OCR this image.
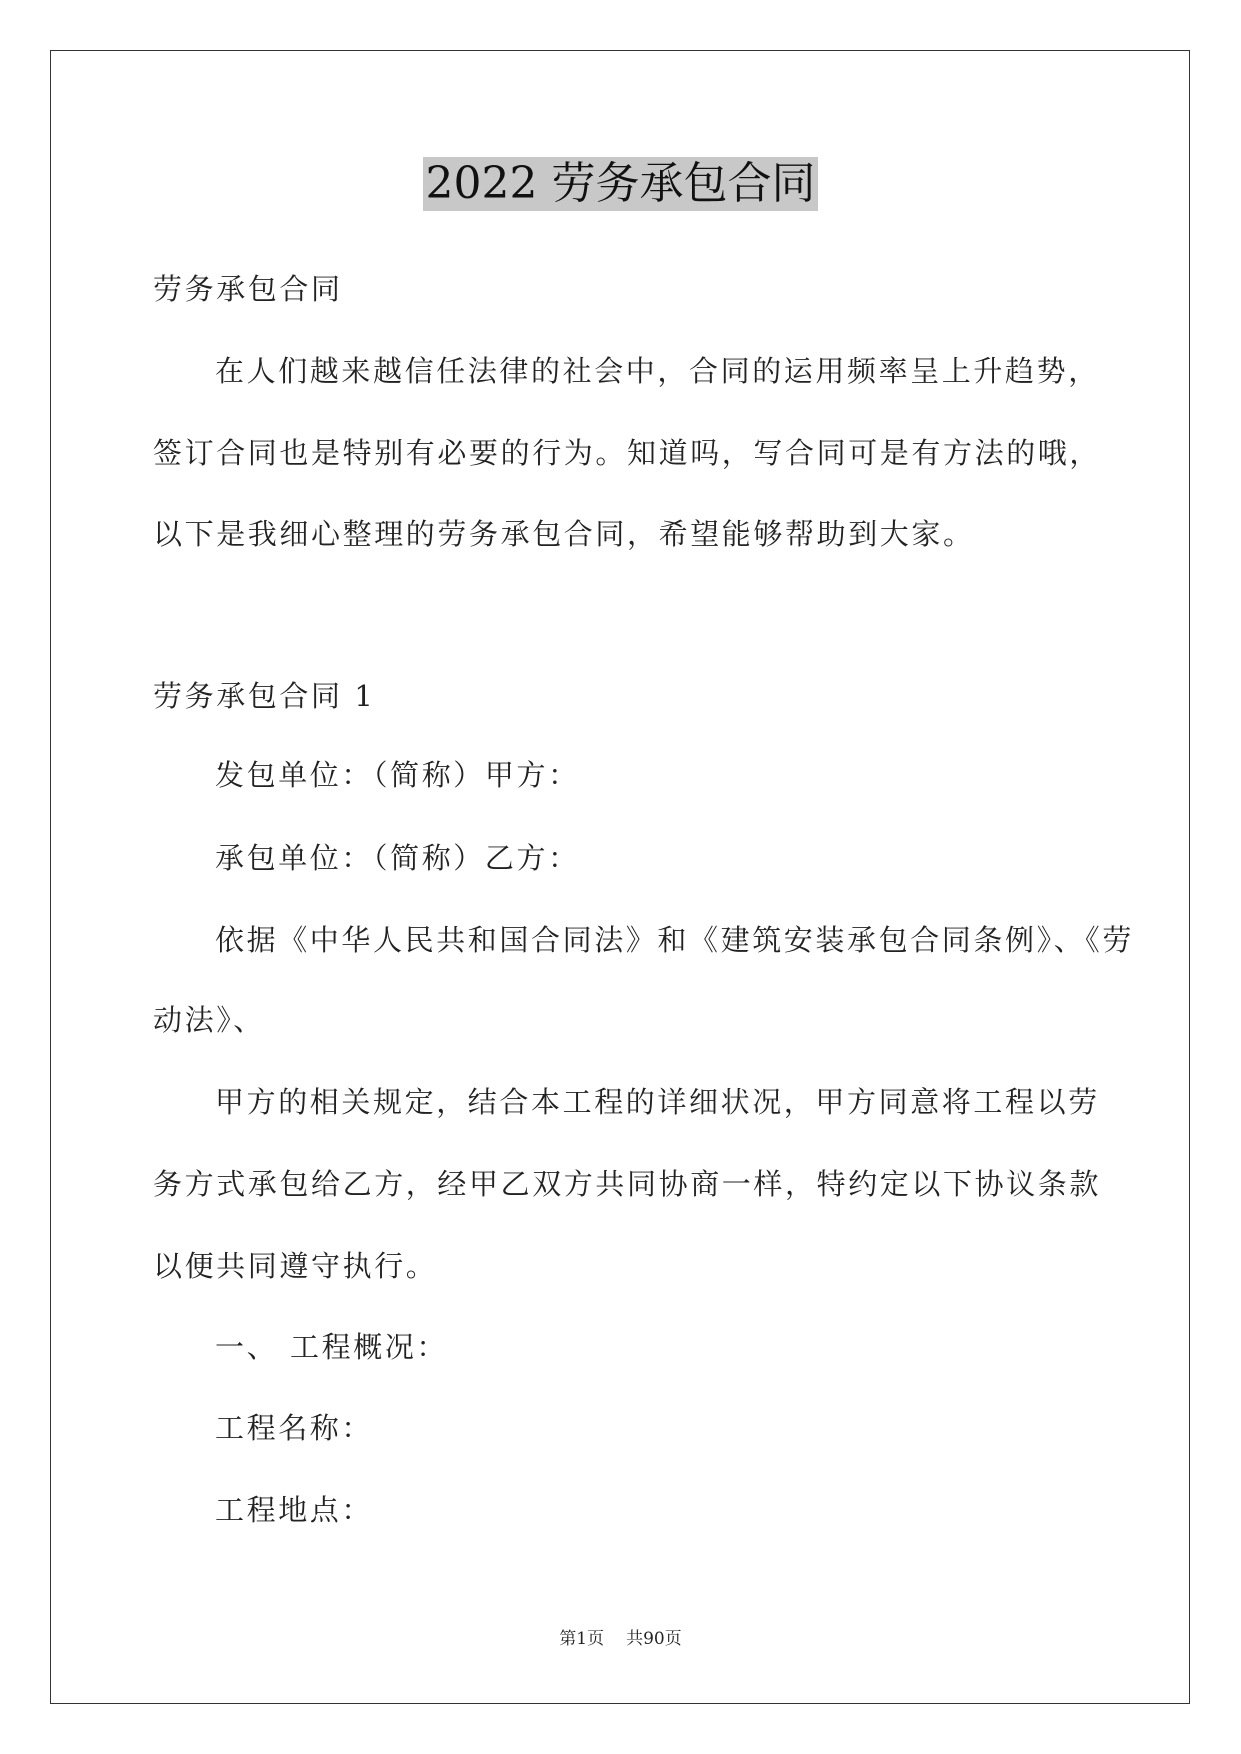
2022 劳务承包合同
劳务承包合同
在人们越来越信任法律的社会中，合同的运用频率呈上升趋势，
签订合同也是特别有必要的行为。知道吗，写合同可是有方法的哦，
以下是我细心整理的劳务承包合同，希望能够帮助到大家。
劳务承包合同 1
发包单位：（简称）甲方：
承包单位：（简称）乙方：
依据《中华人民共和国合同法》和《建筑安装承包合同条例》、《劳
动法》、
甲方的相关规定，结合本工程的详细状况，甲方同意将工程以劳
务方式承包给乙方，经甲乙双方共同协商一样，特约定以下协议条款
以便共同遵守执行。
一、 工程概况：
工程名称：
工程地点：
第1页 共90页
